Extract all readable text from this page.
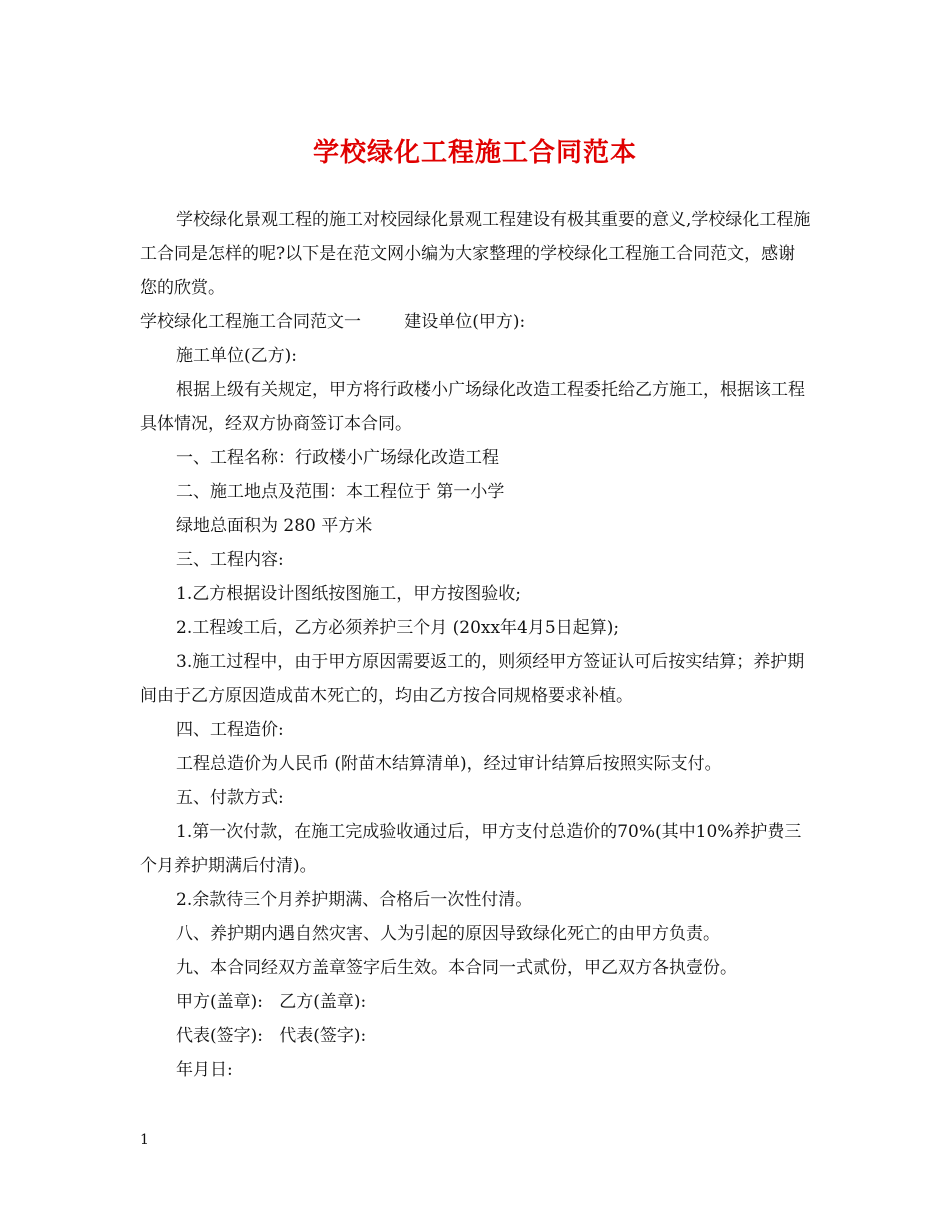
学校绿化工程施工合同范本

学校绿化景观工程的施工对校园绿化景观工程建设有极其重要的意义,学校绿化工程施工合同是怎样的呢?以下是在范文网小编为大家整理的学校绿化工程施工合同范文，感谢您的欣赏。

学校绿化工程施工合同范文一        建设单位(甲方):

施工单位(乙方):

根据上级有关规定，甲方将行政楼小广场绿化改造工程委托给乙方施工，根据该工程具体情况，经双方协商签订本合同。

一、工程名称：行政楼小广场绿化改造工程

二、施工地点及范围：本工程位于 第一小学

绿地总面积为 280 平方米

三、工程内容:

1.乙方根据设计图纸按图施工，甲方按图验收;

2.工程竣工后，乙方必须养护三个月 (20xx年4月5日起算);

3.施工过程中，由于甲方原因需要返工的，则须经甲方签证认可后按实结算；养护期间由于乙方原因造成苗木死亡的，均由乙方按合同规格要求补植。

四、工程造价:

工程总造价为人民币 (附苗木结算清单)，经过审计结算后按照实际支付。

五、付款方式:

1.第一次付款，在施工完成验收通过后，甲方支付总造价的70%(其中10%养护费三个月养护期满后付清)。

2.余款待三个月养护期满、合格后一次性付清。

八、养护期内遇自然灾害、人为引起的原因导致绿化死亡的由甲方负责。

九、本合同经双方盖章签字后生效。本合同一式贰份，甲乙双方各执壹份。

甲方(盖章):   乙方(盖章):

代表(签字):   代表(签字):

年月日:

1
